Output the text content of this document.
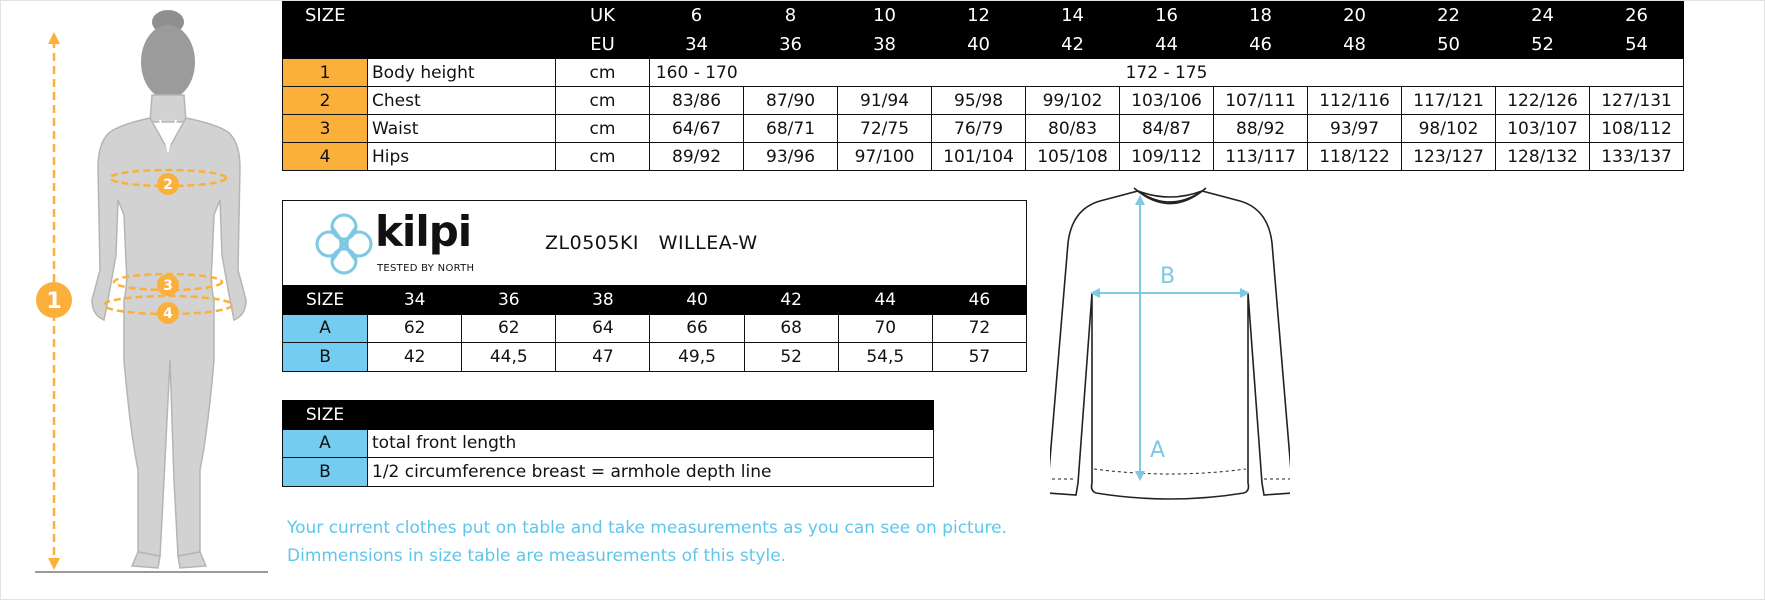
1
2
3
4
SIZE		UK	6	8	10	12	14	16	18	20	22	24	26
		EU	34	36	38	40	42	44	46	48	50	52	54
1	Body height	cm	160 - 170					172 - 175					
2	Chest	cm	83/86	87/90	91/94	95/98	99/102	103/106	107/111	112/116	117/121	122/126	127/131
3	Waist	cm	64/67	68/71	72/75	76/79	80/83	84/87	88/92	93/97	98/102	103/107	108/112
4	Hips	cm	89/92	93/96	97/100	101/104	105/108	109/112	113/117	118/122	123/127	128/132	133/137
kilpi
TESTED BY NORTH
ZL0505KI WILLEA-W
SIZE	34	36	38	40	42	44	46
A	62	62	64	66	68	70	72
B	42	44,5	47	49,5	52	54,5	57
SIZE	
A	total front length
B	1/2 circumference breast = armhole depth line
Your current clothes put on table and take measurements as you can see on picture.
Dimmensions in size table are measurements of this style.
B
A
